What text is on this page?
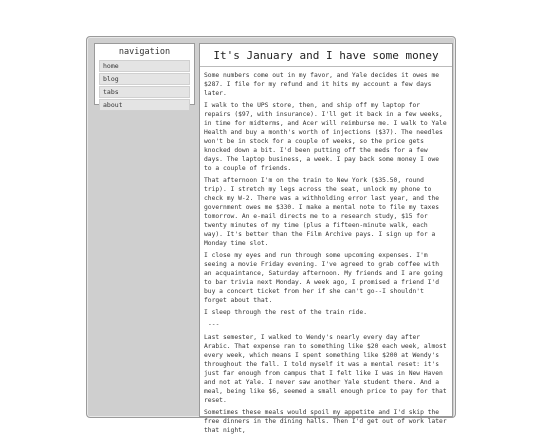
navigation
home
blog
tabs
about
It's January and I have some money

Some numbers come out in my favor, and Yale decides it owes me $287. I file for my refund and it hits my account a few days later.

I walk to the UPS store, then, and ship off my laptop for repairs ($97, with insurance). I'll get it back in a few weeks, in time for midterms, and Acer will reimburse me. I walk to Yale Health and buy a month's worth of injections ($37). The needles won't be in stock for a couple of weeks, so the price gets knocked down a bit. I'd been putting off the meds for a few days. The laptop business, a week. I pay back some money I owe to a couple of friends.

That afternoon I'm on the train to New York ($35.50, round trip). I stretch my legs across the seat, unlock my phone to check my W-2. There was a withholding error last year, and the government owes me $330. I make a mental note to file my taxes tomorrow. An e-mail directs me to a research study, $15 for twenty minutes of my time (plus a fifteen-minute walk, each way). It's better than the Film Archive pays. I sign up for a Monday time slot.

I close my eyes and run through some upcoming expenses. I'm seeing a movie Friday evening. I've agreed to grab coffee with an acquaintance, Saturday afternoon. My friends and I are going to bar trivia next Monday. A week ago, I promised a friend I'd buy a concert ticket from her if she can't go--I shouldn't forget about that.

I sleep through the rest of the train ride.

---

Last semester, I walked to Wendy's nearly every day after Arabic. That expense ran to something like $20 each week, almost every week, which means I spent something like $200 at Wendy's throughout the fall. I told myself it was a mental reset: it's just far enough from campus that I felt like I was in New Haven and not at Yale. I never saw another Yale student there. And a meal, being like $6, seemed a small enough price to pay for that reset.

Sometimes these meals would spoil my appetite and I'd skip the free dinners in the dining halls. Then I'd get out of work later that night,
